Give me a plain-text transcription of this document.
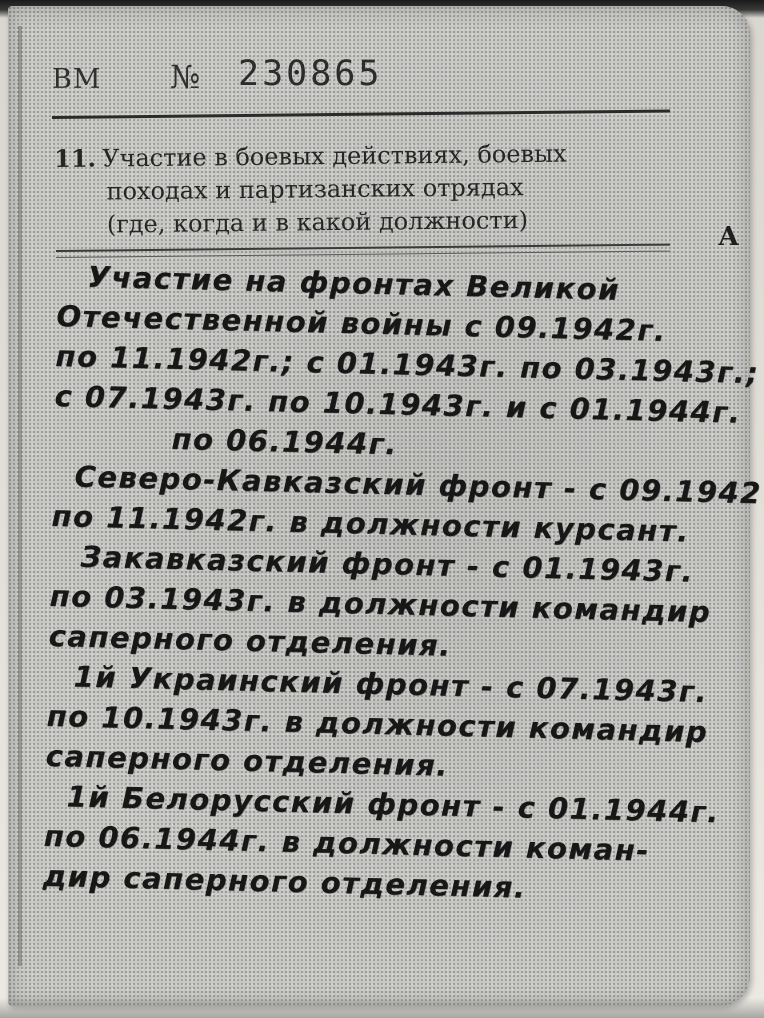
ВМ № 230865
11. Участие в боевых действиях, боевых
походах и партизанских отрядах
(где, когда и в какой должности)	А
Участие на фронтах Великой
Отечественной войны с 09.1942г.
по 11.1942г.; с 01.1943г. по 03.1943г.;
с 07.1943г. по 10.1943г. и с 01.1944г.
по 06.1944г.
Северо-Кавказский фронт - с 09.1942
по 11.1942г. в должности курсант.
Закавказский фронт - с 01.1943г.
по 03.1943г. в должности командир
саперного отделения.
1й Украинский фронт - с 07.1943г.
по 10.1943г. в должности командир
саперного отделения.
1й Белорусский фронт - с 01.1944г.
по 06.1944г. в должности коман-
дир саперного отделения.
